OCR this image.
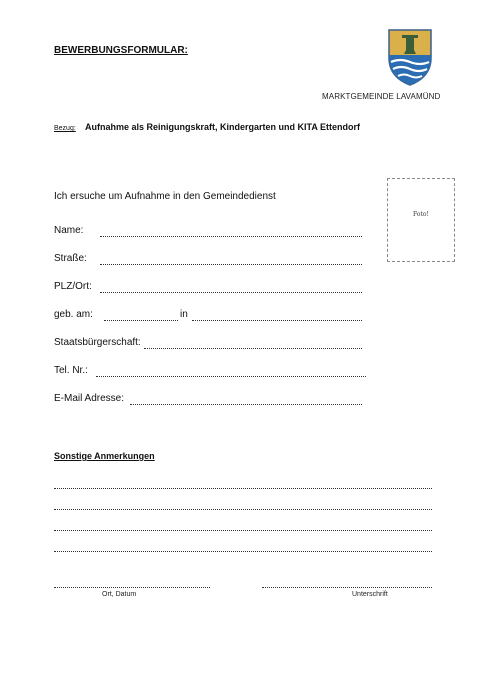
BEWERBUNGSFORMULAR:
MARKTGEMEINDE LAVAMÜND
Bezug: Aufnahme als Reinigungskraft, Kindergarten und KITA Ettendorf
Ich ersuche um Aufnahme in den Gemeindedienst
Foto!
Name:
Straße:
PLZ/Ort:
geb. am:	in
Staatsbürgerschaft:
Tel. Nr.:
E-Mail Adresse:
Sonstige Anmerkungen
Ort, Datum	Unterschrift
